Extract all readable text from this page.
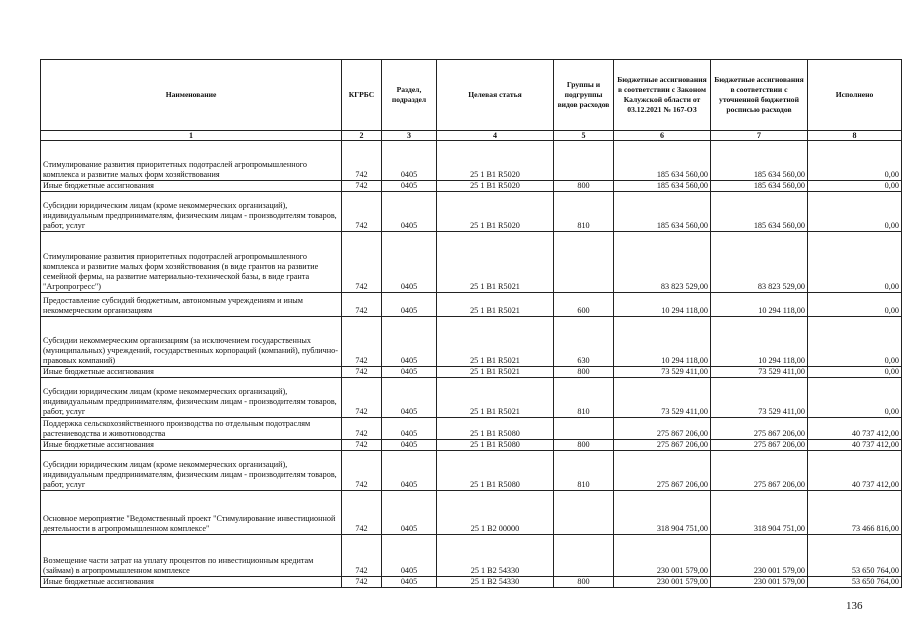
Наименование	КГРБС	Раздел, подраздел	Целевая статья	Группы и подгруппы видов расходов	Бюджетные ассигнования в соответствии с Законом Калужской области от 03.12.2021 № 167-ОЗ	Бюджетные ассигнования в соответствии с уточненной бюджетной росписью расходов	Исполнено
1	2	3	4	5	6	7	8
Стимулирование развития приоритетных подотраслей агропромышленного комплекса и развитие малых форм хозяйствования	742	0405	25 1 В1 R5020		185 634 560,00	185 634 560,00	0,00
Иные бюджетные ассигнования	742	0405	25 1 В1 R5020	800	185 634 560,00	185 634 560,00	0,00
Субсидии юридическим лицам (кроме некоммерческих организаций), индивидуальным предпринимателям, физическим лицам - производителям товаров, работ, услуг	742	0405	25 1 В1 R5020	810	185 634 560,00	185 634 560,00	0,00
Стимулирование развития приоритетных подотраслей агропромышленного комплекса и развитие малых форм хозяйствования (в виде грантов на развитие семейной фермы, на развитие материально-технической базы, в виде гранта "Агропрогресс")	742	0405	25 1 В1 R5021		83 823 529,00	83 823 529,00	0,00
Предоставление субсидий бюджетным, автономным учреждениям и иным некоммерческим организациям	742	0405	25 1 В1 R5021	600	10 294 118,00	10 294 118,00	0,00
Субсидии некоммерческим организациям (за исключением государственных (муниципальных) учреждений, государственных корпораций (компаний), публично-правовых компаний)	742	0405	25 1 В1 R5021	630	10 294 118,00	10 294 118,00	0,00
Иные бюджетные ассигнования	742	0405	25 1 В1 R5021	800	73 529 411,00	73 529 411,00	0,00
Субсидии юридическим лицам (кроме некоммерческих организаций), индивидуальным предпринимателям, физическим лицам - производителям товаров, работ, услуг	742	0405	25 1 В1 R5021	810	73 529 411,00	73 529 411,00	0,00
Поддержка сельскохозяйственного производства по отдельным подотраслям растениеводства и животноводства	742	0405	25 1 В1 R5080		275 867 206,00	275 867 206,00	40 737 412,00
Иные бюджетные ассигнования	742	0405	25 1 В1 R5080	800	275 867 206,00	275 867 206,00	40 737 412,00
Субсидии юридическим лицам (кроме некоммерческих организаций), индивидуальным предпринимателям, физическим лицам - производителям товаров, работ, услуг	742	0405	25 1 В1 R5080	810	275 867 206,00	275 867 206,00	40 737 412,00
Основное мероприятие "Ведомственный проект "Стимулирование инвестиционной деятельности в агропромышленном комплексе"	742	0405	25 1 В2 00000		318 904 751,00	318 904 751,00	73 466 816,00
Возмещение части затрат на уплату процентов по инвестиционным кредитам (займам) в агропромышленном комплексе	742	0405	25 1 В2 54330		230 001 579,00	230 001 579,00	53 650 764,00
Иные бюджетные ассигнования	742	0405	25 1 В2 54330	800	230 001 579,00	230 001 579,00	53 650 764,00
136
